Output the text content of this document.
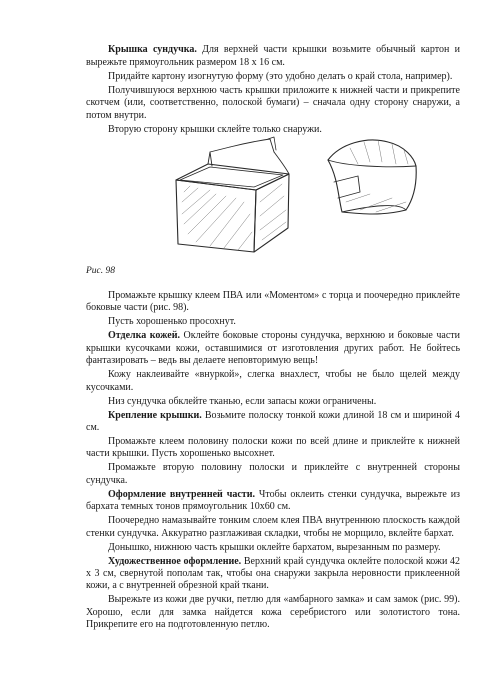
Крышка сундучка. Для верхней части крышки возьмите обычный картон и вырежьте прямоугольник размером 18 х 16 см.

Придайте картону изогнутую форму (это удобно делать о край стола, например).

Получившуюся верхнюю часть крышки приложите к нижней части и прикрепите скотчем (или, соответственно, полоской бумаги) – сначала одну сторону снаружи, а потом внутри.

Вторую сторону крышки склейте только снаружи.

Рис. 98

Промажьте крышку клеем ПВА или «Моментом» с торца и поочередно приклейте боковые части (рис. 98).

Пусть хорошенько просохнут.

Отделка кожей. Оклейте боковые стороны сундучка, верхнюю и боковые части крышки кусочками кожи, оставшимися от изготовления других работ. Не бойтесь фантазировать – ведь вы делаете неповторимую вещь!

Кожу наклеивайте «внуркой», слегка внахлест, чтобы не было щелей между кусочками.

Низ сундучка обклейте тканью, если запасы кожи ограничены.

Крепление крышки. Возьмите полоску тонкой кожи длиной 18 см и шириной 4 см.

Промажьте клеем половину полоски кожи по всей длине и приклейте к нижней части крышки. Пусть хорошенько высохнет.

Промажьте вторую половину полоски и приклейте с внутренней стороны сундучка.

Оформление внутренней части. Чтобы оклеить стенки сундучка, вырежьте из бархата темных тонов прямоугольник 10х60 см.

Поочередно намазывайте тонким слоем клея ПВА внутреннюю плоскость каждой стенки сундучка. Аккуратно разглаживая складки, чтобы не морщило, вклейте бархат.

Донышко, нижнюю часть крышки оклейте бархатом, вырезанным по размеру.

Художественное оформление. Верхний край сундучка оклейте полоской кожи 42 х 3 см, свернутой пополам так, чтобы она снаружи закрыла неровности приклеенной кожи, а с внутренней обрезной край ткани.

Вырежьте из кожи две ручки, петлю для «амбарного замка» и сам замок (рис. 99). Хорошо, если для замка найдется кожа серебристого или золотистого тона. Прикрепите его на подготовленную петлю.
